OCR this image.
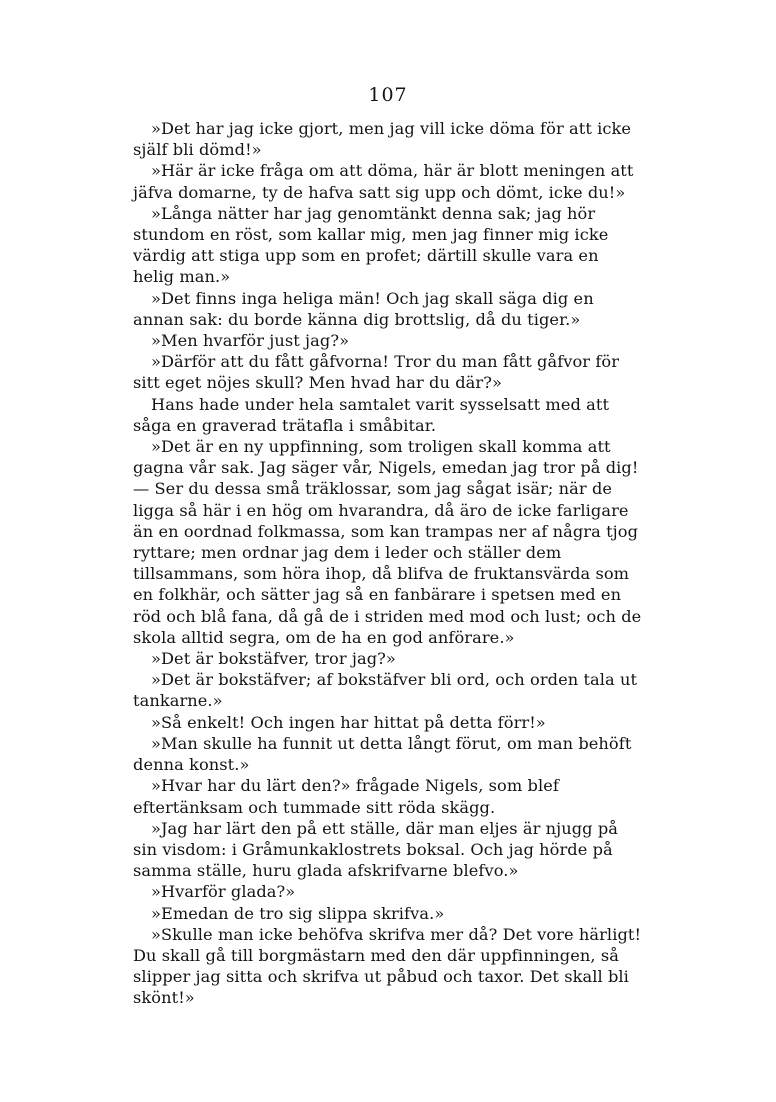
107

»Det har jag icke gjort, men jag vill icke döma för att icke själf bli dömd!»

»Här är icke fråga om att döma, här är blott meningen att jäfva domarne, ty de hafva satt sig upp och dömt, icke du!»

»Långa nätter har jag genomtänkt denna sak; jag hör stundom en röst, som kallar mig, men jag finner mig icke värdig att stiga upp som en profet; därtill skulle vara en helig man.»

»Det finns inga heliga män! Och jag skall säga dig en annan sak: du borde känna dig brottslig, då du tiger.»

»Men hvarför just jag?»

»Därför att du fått gåfvorna! Tror du man fått gåfvor för sitt eget nöjes skull? Men hvad har du där?»

Hans hade under hela samtalet varit sysselsatt med att såga en graverad trätafla i småbitar.

»Det är en ny uppfinning, som troligen skall komma att gagna vår sak. Jag säger vår, Nigels, emedan jag tror på dig! — Ser du dessa små träklossar, som jag sågat isär; när de ligga så här i en hög om hvarandra, då äro de icke farligare än en oordnad folkmassa, som kan trampas ner af några tjog ryttare; men ordnar jag dem i leder och ställer dem tillsammans, som höra ihop, då blifva de fruktansvärda som en folkhär, och sätter jag så en fanbärare i spetsen med en röd och blå fana, då gå de i striden med mod och lust; och de skola alltid segra, om de ha en god anförare.»

»Det är bokstäfver, tror jag?»

»Det är bokstäfver; af bokstäfver bli ord, och orden tala ut tankarne.»

»Så enkelt! Och ingen har hittat på detta förr!»

»Man skulle ha funnit ut detta långt förut, om man behöft denna konst.»

»Hvar har du lärt den?» frågade Nigels, som blef eftertänksam och tummade sitt röda skägg.

»Jag har lärt den på ett ställe, där man eljes är njugg på sin visdom: i Gråmunkaklostrets boksal. Och jag hörde på samma ställe, huru glada afskrifvarne blefvo.»

»Hvarför glada?»

»Emedan de tro sig slippa skrifva.»

»Skulle man icke behöfva skrifva mer då? Det vore härligt! Du skall gå till borgmästarn med den där uppfinningen, så slipper jag sitta och skrifva ut påbud och taxor. Det skall bli skönt!»
